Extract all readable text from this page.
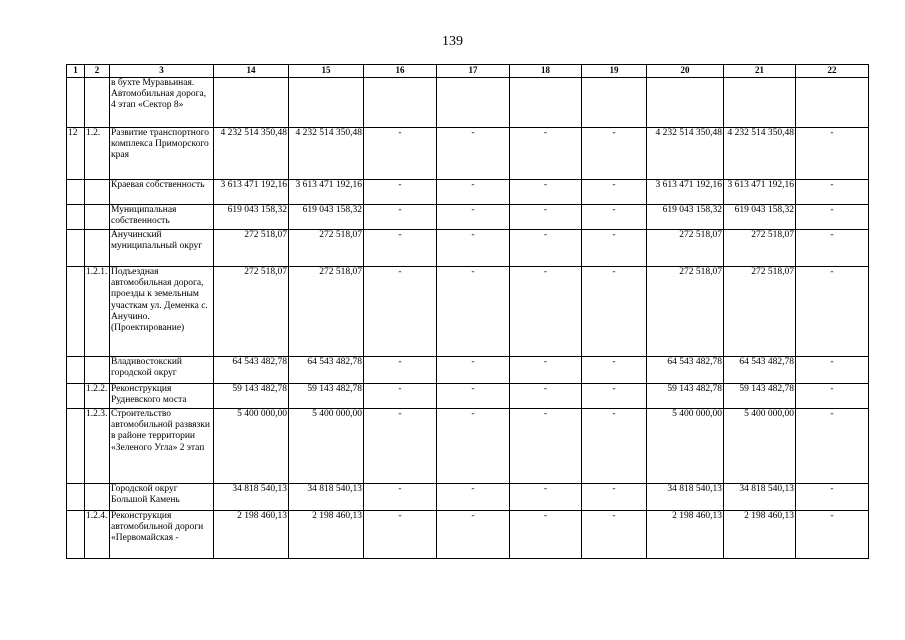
139
1	2	3	14	15	16	17	18	19	20	21	22
		в бухте Муравьиная. Автомобильная дорога, 4 этап «Сектор 8»									
12	1.2.	Развитие транспортного комплекса Приморского края	4 232 514 350,48	4 232 514 350,48	-	-	-	-	4 232 514 350,48	4 232 514 350,48	-
		Краевая собственность	3 613 471 192,16	3 613 471 192,16	-	-	-	-	3 613 471 192,16	3 613 471 192,16	-
		Муниципальная собственность	619 043 158,32	619 043 158,32	-	-	-	-	619 043 158,32	619 043 158,32	-
		Анучинский муниципальный округ	272 518,07	272 518,07	-	-	-	-	272 518,07	272 518,07	-
	1.2.1.	Подъездная автомобильная дорога, проезды к земельным участкам ул. Деменка с. Анучино. (Проектирование)	272 518,07	272 518,07	-	-	-	-	272 518,07	272 518,07	-
		Владивостокский городской округ	64 543 482,78	64 543 482,78	-	-	-	-	64 543 482,78	64 543 482,78	-
	1.2.2.	Реконструкция Рудневского моста	59 143 482,78	59 143 482,78	-	-	-	-	59 143 482,78	59 143 482,78	-
	1.2.3.	Строительство автомобильной развязки в районе территории «Зеленого Угла» 2 этап	5 400 000,00	5 400 000,00	-	-	-	-	5 400 000,00	5 400 000,00	-
		Городской округ Большой Камень	34 818 540,13	34 818 540,13	-	-	-	-	34 818 540,13	34 818 540,13	-
	1.2.4.	Реконструкция автомобильной дороги «Первомайская -	2 198 460,13	2 198 460,13	-	-	-	-	2 198 460,13	2 198 460,13	-
